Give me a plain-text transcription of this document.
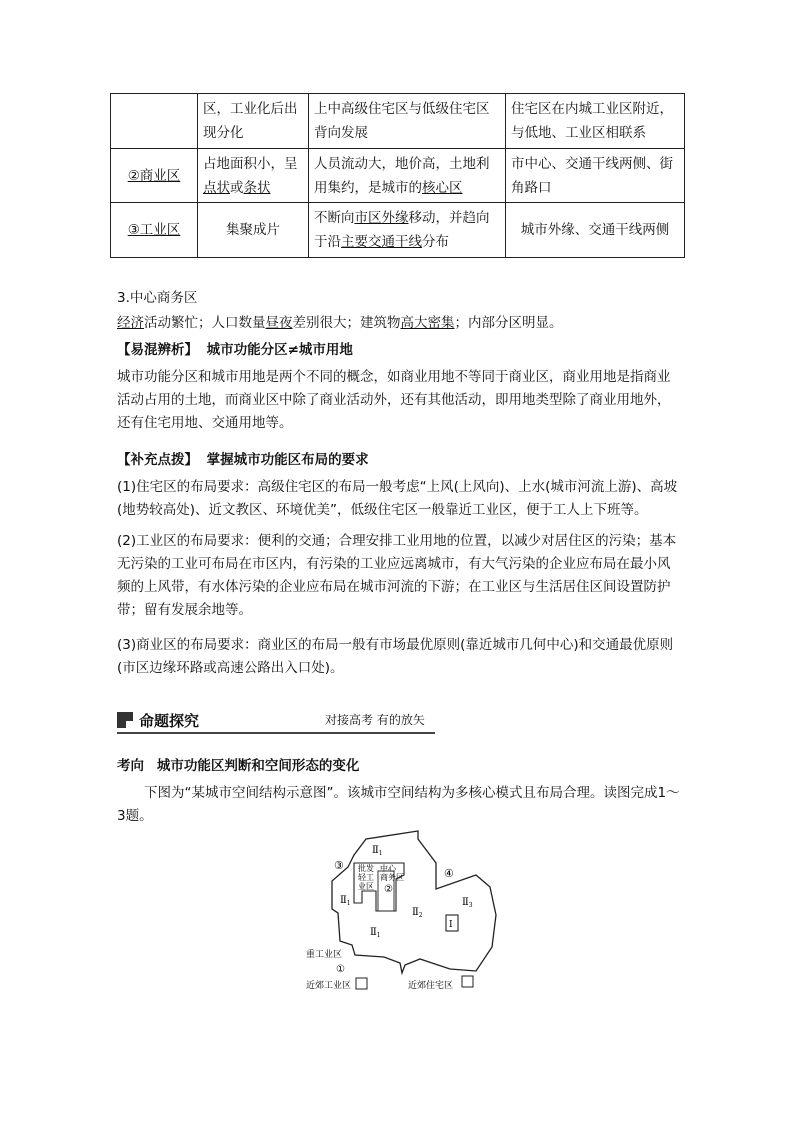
	区，工业化后出现分化	上中高级住宅区与低级住宅区背向发展	住宅区在内城工业区附近，与低地、工业区相联系
②商业区	占地面积小，呈点状或条状	人员流动大，地价高，土地利用集约，是城市的核心区	市中心、交通干线两侧、街角路口
③工业区	集聚成片	不断向市区外缘移动，并趋向于沿主要交通干线分布	城市外缘、交通干线两侧
3.中心商务区
经济活动繁忙；人口数量昼夜差别很大；建筑物高大密集；内部分区明显。
【易混辨析】 城市功能分区≠城市用地
城市功能分区和城市用地是两个不同的概念，如商业用地不等同于商业区，商业用地是指商业活动占用的土地，而商业区中除了商业活动外，还有其他活动，即用地类型除了商业用地外，还有住宅用地、交通用地等。
【补充点拨】 掌握城市功能区布局的要求
(1)住宅区的布局要求：高级住宅区的布局一般考虑“上风(上风向)、上水(城市河流上游)、高坡(地势较高处)、近文教区、环境优美”，低级住宅区一般靠近工业区，便于工人上下班等。
(2)工业区的布局要求：便利的交通；合理安排工业用地的位置，以减少对居住区的污染；基本无污染的工业可布局在市区内，有污染的工业应远离城市，有大气污染的企业应布局在最小风频的上风带，有水体污染的企业应布局在城市河流的下游；在工业区与生活居住区间设置防护带；留有发展余地等。
(3)商业区的布局要求：商业区的布局一般有市场最优原则(靠近城市几何中心)和交通最优原则(市区边缘环路或高速公路出入口处)。
命题探究	对接高考 有的放矢
考向 城市功能区判断和空间形态的变化
下图为“某城市空间结构示意图”。该城市空间结构为多核心模式且布局合理。读图完成1～3题。
③
④
$Ⅱ_1$
批发
轻工
业区
中心
商务区
②
$Ⅱ_1$
$Ⅱ_2$
$Ⅱ_3$
$Ⅱ_1$
Ⅰ
重工业区
①
近郊工业区	近郊住宅区
